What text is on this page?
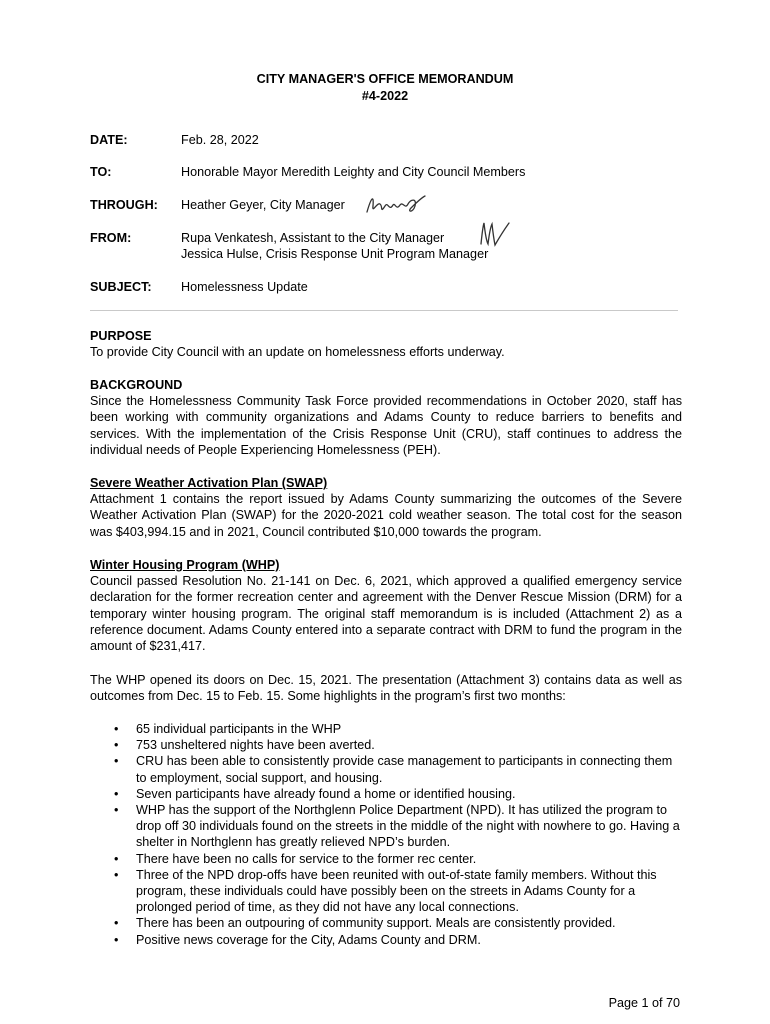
CITY MANAGER'S OFFICE MEMORANDUM
#4-2022
DATE:	Feb. 28, 2022
TO:	Honorable Mayor Meredith Leighty and City Council Members
THROUGH: Heather Geyer, City Manager
FROM:	Rupa Venkatesh, Assistant to the City Manager
Jessica Hulse, Crisis Response Unit Program Manager
SUBJECT: Homelessness Update
PURPOSE
To provide City Council with an update on homelessness efforts underway.
BACKGROUND
Since the Homelessness Community Task Force provided recommendations in October 2020, staff has been working with community organizations and Adams County to reduce barriers to benefits and services. With the implementation of the Crisis Response Unit (CRU), staff continues to address the individual needs of People Experiencing Homelessness (PEH).
Severe Weather Activation Plan (SWAP)
Attachment 1 contains the report issued by Adams County summarizing the outcomes of the Severe Weather Activation Plan (SWAP) for the 2020-2021 cold weather season. The total cost for the season was $403,994.15 and in 2021, Council contributed $10,000 towards the program.
Winter Housing Program (WHP)
Council passed Resolution No. 21-141 on Dec. 6, 2021, which approved a qualified emergency service declaration for the former recreation center and agreement with the Denver Rescue Mission (DRM) for a temporary winter housing program. The original staff memorandum is is included (Attachment 2) as a reference document. Adams County entered into a separate contract with DRM to fund the program in the amount of $231,417.
The WHP opened its doors on Dec. 15, 2021. The presentation (Attachment 3) contains data as well as outcomes from Dec. 15 to Feb. 15. Some highlights in the program’s first two months:
• 65 individual participants in the WHP
• 753 unsheltered nights have been averted.
• CRU has been able to consistently provide case management to participants in connecting them to employment, social support, and housing.
• Seven participants have already found a home or identified housing.
• WHP has the support of the Northglenn Police Department (NPD). It has utilized the program to drop off 30 individuals found on the streets in the middle of the night with nowhere to go. Having a shelter in Northglenn has greatly relieved NPD’s burden.
• There have been no calls for service to the former rec center.
• Three of the NPD drop-offs have been reunited with out-of-state family members. Without this program, these individuals could have possibly been on the streets in Adams County for a prolonged period of time, as they did not have any local connections.
• There has been an outpouring of community support. Meals are consistently provided.
• Positive news coverage for the City, Adams County and DRM.
Page 1 of 70
